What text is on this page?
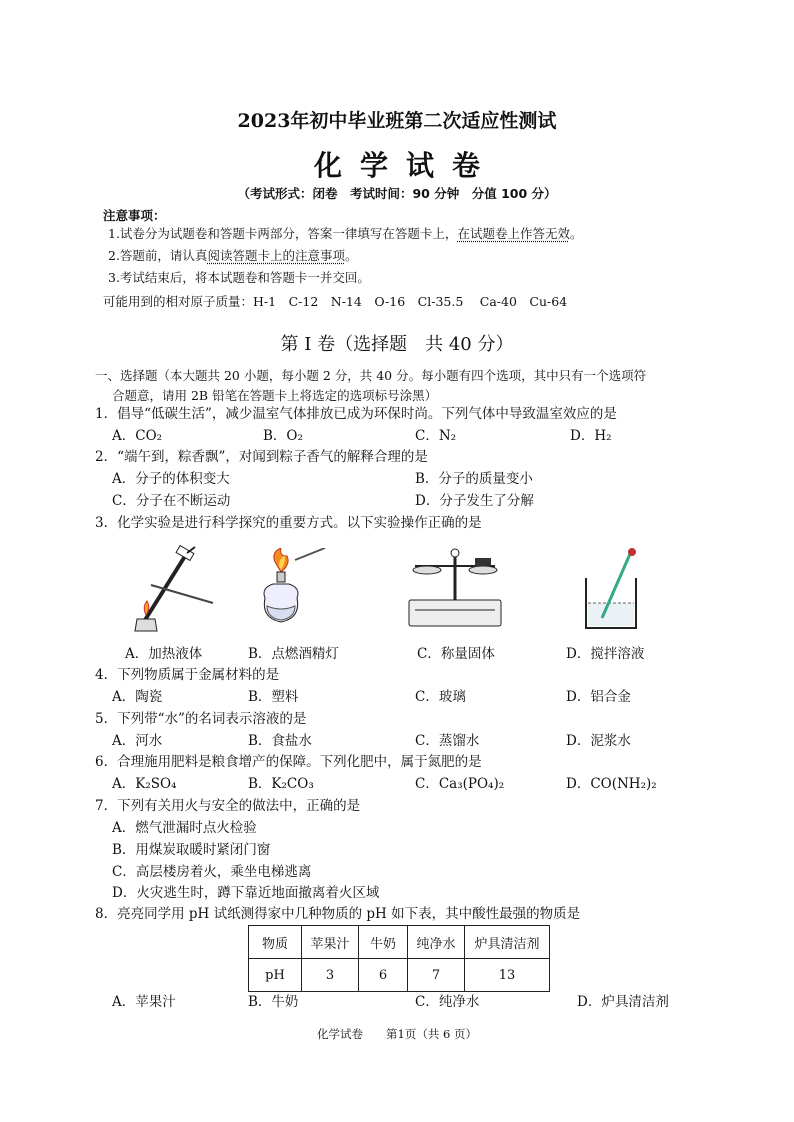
2023年初中毕业班第二次适应性测试
化学试卷
（考试形式：闭卷　考试时间：90 分钟　分值 100 分）
注意事项：
1.试卷分为试题卷和答题卡两部分，答案一律填写在答题卡上，在试题卷上作答无效。
2.答题前，请认真阅读答题卡上的注意事项。
3.考试结束后，将本试题卷和答题卡一并交回。
可能用到的相对原子质量：H-1　C-12　N-14　O-16　Cl-35.5　 Ca-40　Cu-64
第 I 卷（选择题　共 40 分）
一、选择题（本大题共 20 小题，每小题 2 分，共 40 分。每小题有四个选项，其中只有一个选项符
合题意，请用 2B 铅笔在答题卡上将选定的选项标号涂黑）
1．倡导“低碳生活”，减少温室气体排放已成为环保时尚。下列气体中导致温室效应的是
A．CO₂	B．O₂	C．N₂	D．H₂
2．“端午到，粽香飘”，对闻到粽子香气的解释合理的是
A．分子的体积变大	B．分子的质量变小
C．分子在不断运动	D．分子发生了分解
3．化学实验是进行科学探究的重要方式。以下实验操作正确的是
A．加热液体	B．点燃酒精灯	C．称量固体	D．搅拌溶液
4．下列物质属于金属材料的是
A．陶瓷	B．塑料	C．玻璃	D．铝合金
5．下列带“水”的名词表示溶液的是
A．河水	B．食盐水	C．蒸馏水	D．泥浆水
6．合理施用肥料是粮食增产的保障。下列化肥中，属于氮肥的是
A．K₂SO₄	B．K₂CO₃	C．Ca₃(PO₄)₂	D．CO(NH₂)₂
7．下列有关用火与安全的做法中，正确的是
A．燃气泄漏时点火检验
B．用煤炭取暖时紧闭门窗
C．高层楼房着火，乘坐电梯逃离
D．火灾逃生时，蹲下靠近地面撤离着火区域
8．亮亮同学用 pH 试纸测得家中几种物质的 pH 如下表，其中酸性最强的物质是
物质	苹果汁	牛奶	纯净水	炉具清洁剂
pH	3	6	7	13
A．苹果汁	B．牛奶	C．纯净水	D．炉具清洁剂
化学试卷　　第1页（共 6 页）
